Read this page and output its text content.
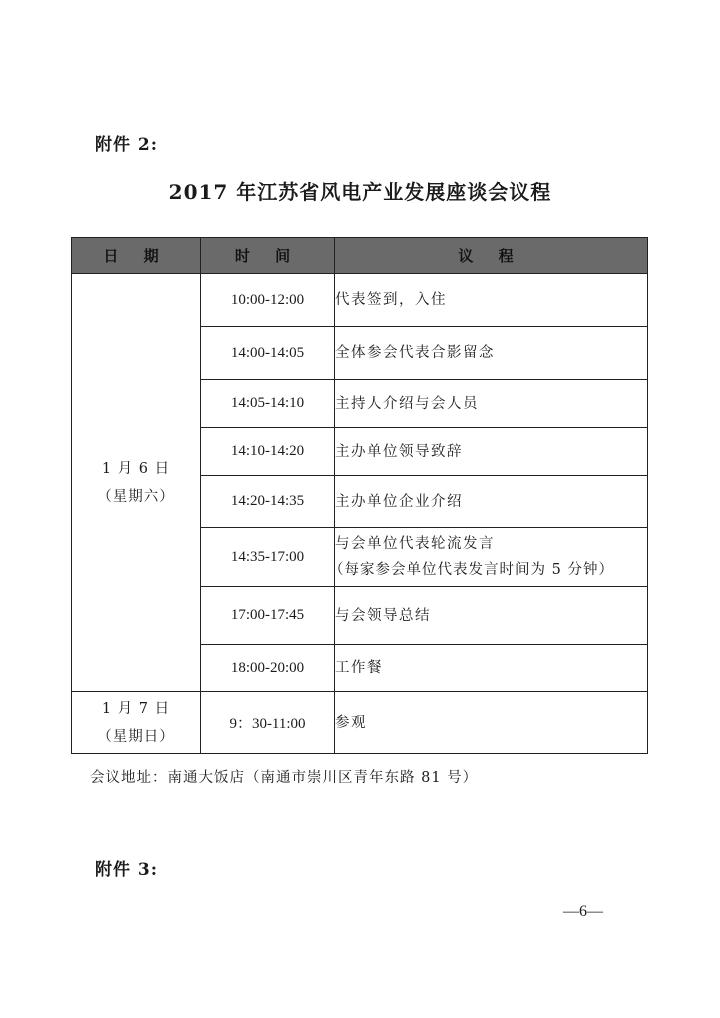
附件 2:
2017 年江苏省风电产业发展座谈会议程
日 期	时 间	议 程

1 月 6 日
（星期六）	10:00-12:00	代表签到，入住
	14:00-14:05	全体参会代表合影留念
	14:05-14:10	主持人介绍与会人员
	14:10-14:20	主办单位领导致辞
	14:20-14:35	主办单位企业介绍
	14:35-17:00	与会单位代表轮流发言
（每家参会单位代表发言时间为 5 分钟）

	17:00-17:45	与会领导总结
	18:00-20:00	工作餐

1 月 7 日
（星期日）	9：30-11:00	参观
会议地址：南通大饭店（南通市崇川区青年东路 81 号）
附件 3:
—6—
